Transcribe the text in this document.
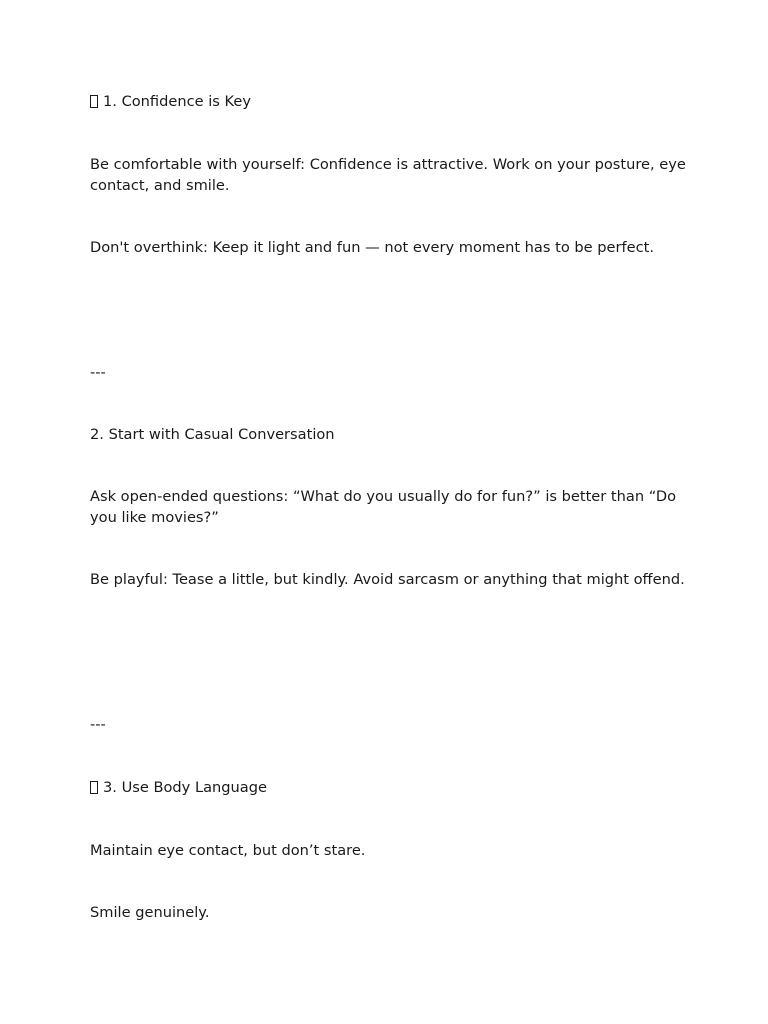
1. Confidence is Key

Be comfortable with yourself: Confidence is attractive. Work on your posture, eye contact, and smile.

Don't overthink: Keep it light and fun — not every moment has to be perfect.

---

2. Start with Casual Conversation

Ask open-ended questions: “What do you usually do for fun?” is better than “Do you like movies?”

Be playful: Tease a little, but kindly. Avoid sarcasm or anything that might offend.

---

3. Use Body Language

Maintain eye contact, but don’t stare.

Smile genuinely.
